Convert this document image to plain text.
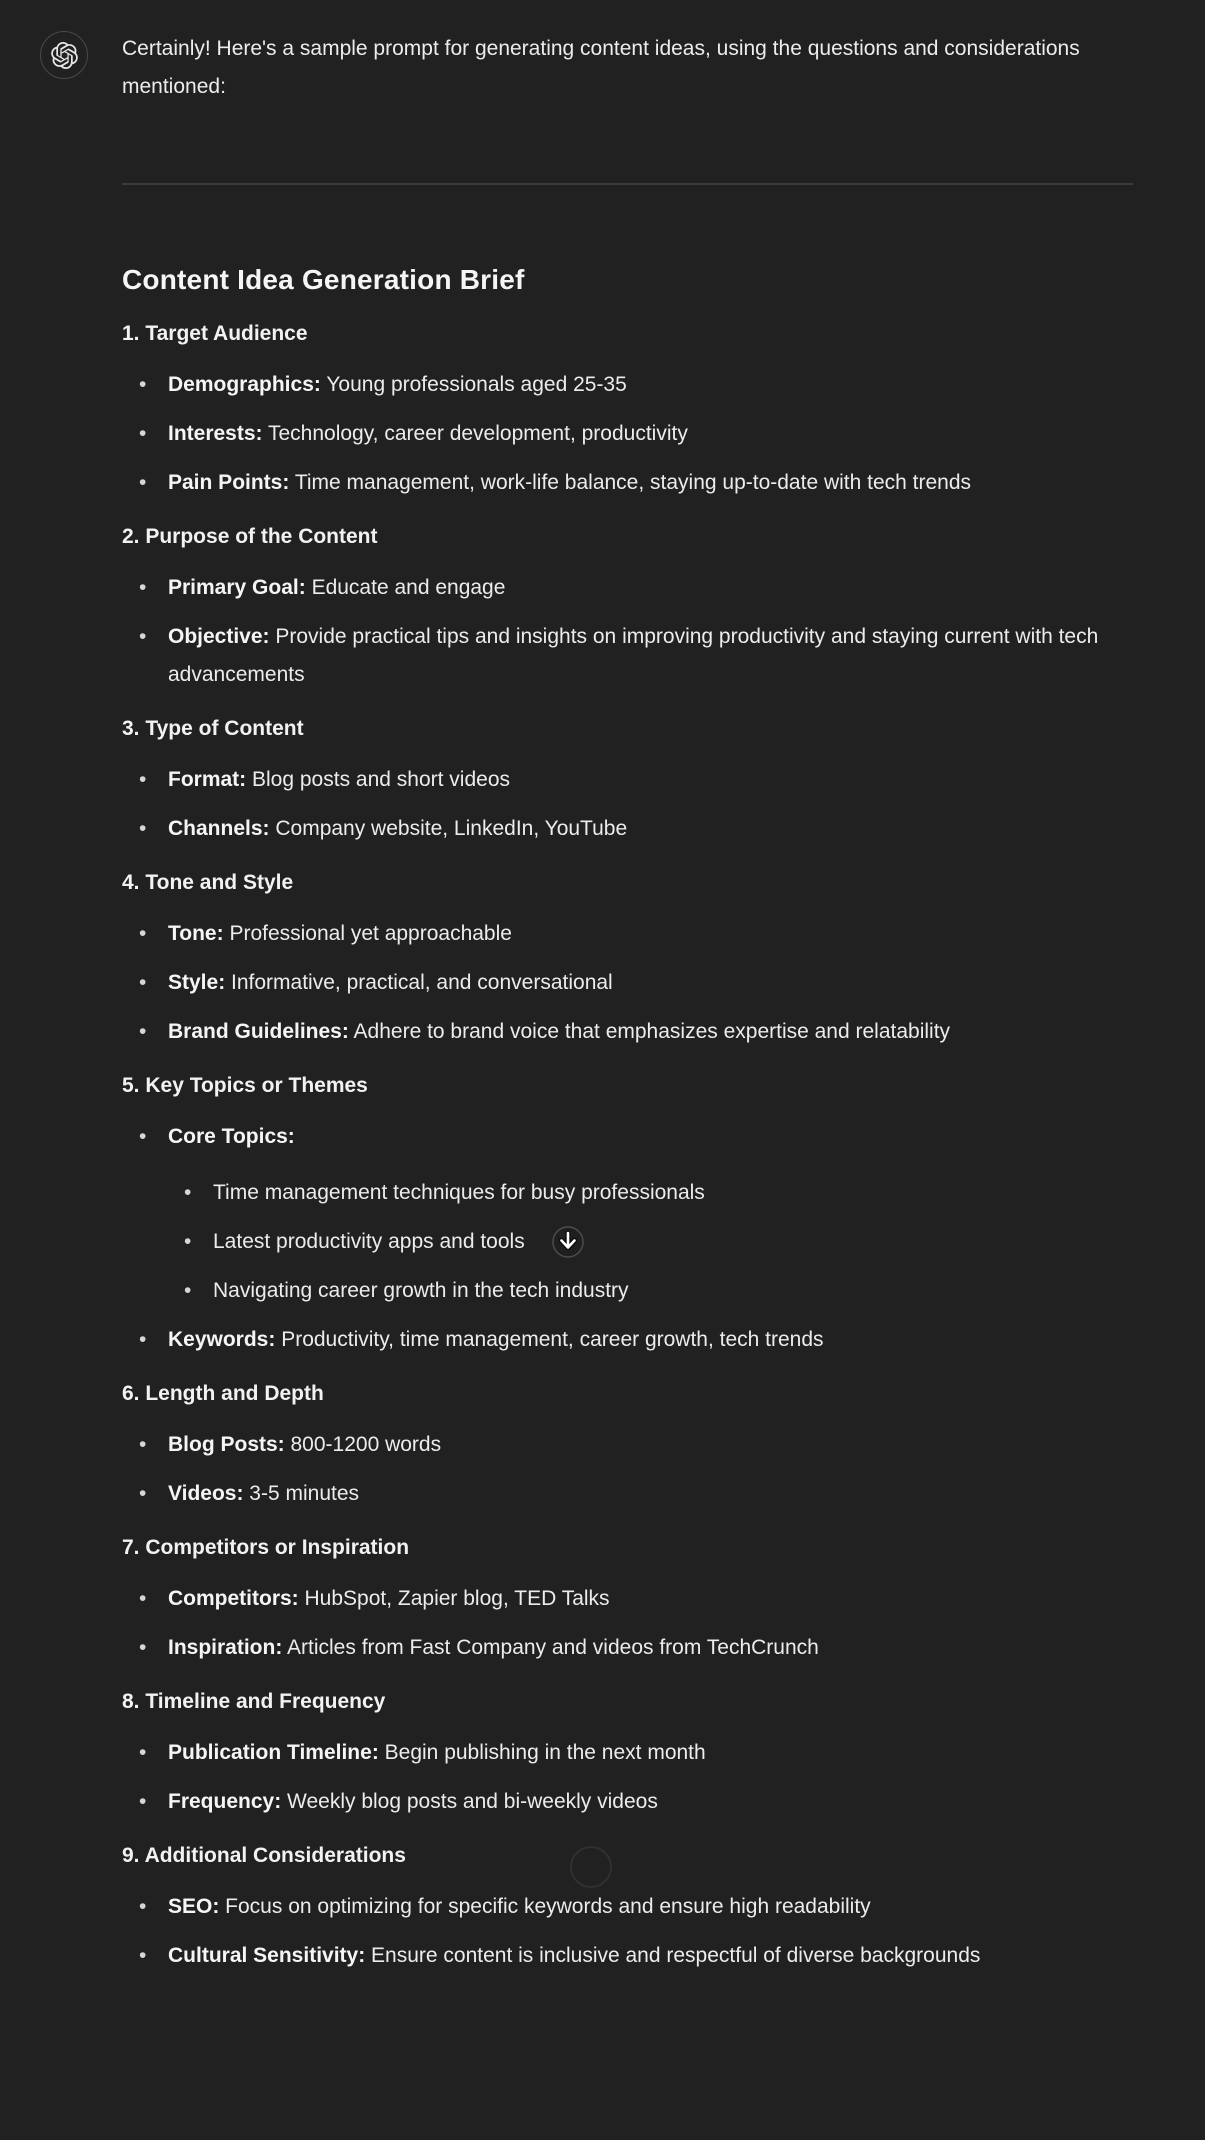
Certainly! Here's a sample prompt for generating content ideas, using the questions and considerations mentioned:

Content Idea Generation Brief
1. Target Audience
• Demographics: Young professionals aged 25-35
• Interests: Technology, career development, productivity
• Pain Points: Time management, work-life balance, staying up-to-date with tech trends
2. Purpose of the Content
• Primary Goal: Educate and engage
• Objective: Provide practical tips and insights on improving productivity and staying current with tech advancements
3. Type of Content
• Format: Blog posts and short videos
• Channels: Company website, LinkedIn, YouTube
4. Tone and Style
• Tone: Professional yet approachable
• Style: Informative, practical, and conversational
• Brand Guidelines: Adhere to brand voice that emphasizes expertise and relatability
5. Key Topics or Themes
• Core Topics:
• Time management techniques for busy professionals
• Latest productivity apps and tools
• Navigating career growth in the tech industry
• Keywords: Productivity, time management, career growth, tech trends
6. Length and Depth
• Blog Posts: 800-1200 words
• Videos: 3-5 minutes
7. Competitors or Inspiration
• Competitors: HubSpot, Zapier blog, TED Talks
• Inspiration: Articles from Fast Company and videos from TechCrunch
8. Timeline and Frequency
• Publication Timeline: Begin publishing in the next month
• Frequency: Weekly blog posts and bi-weekly videos
9. Additional Considerations
• SEO: Focus on optimizing for specific keywords and ensure high readability
• Cultural Sensitivity: Ensure content is inclusive and respectful of diverse backgrounds
